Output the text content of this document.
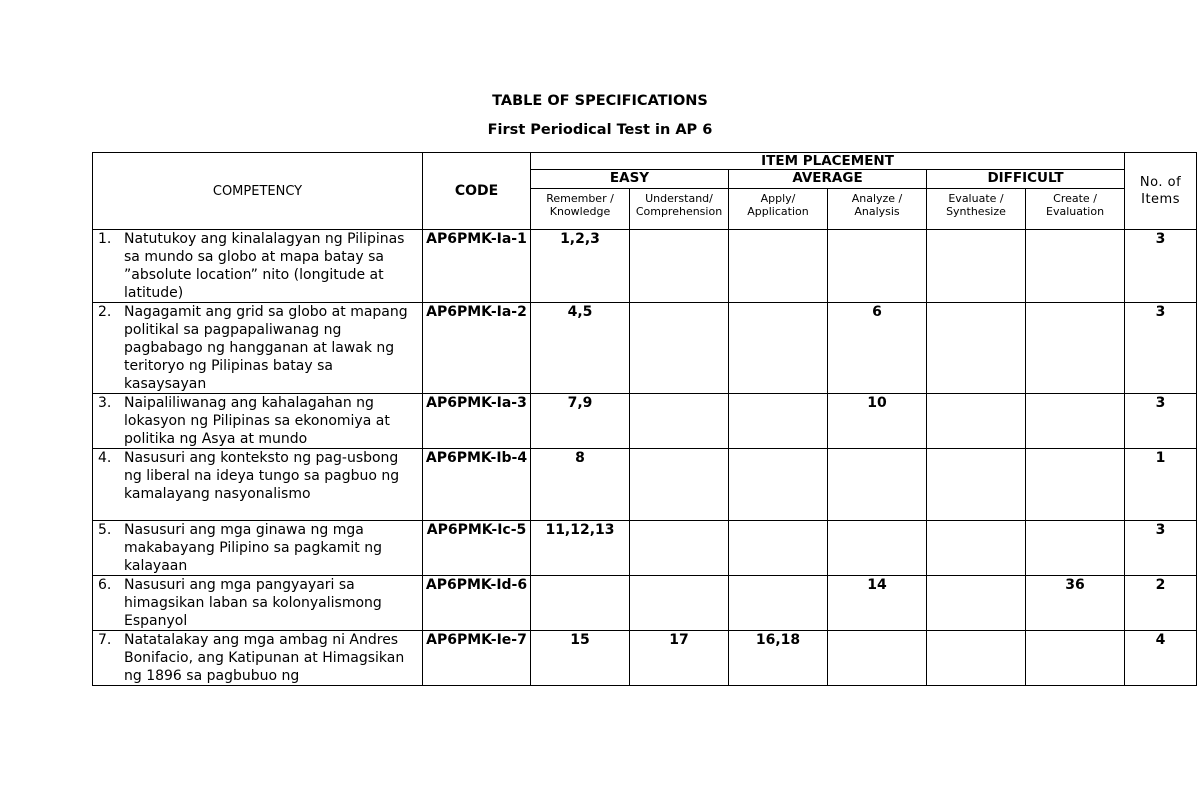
TABLE OF SPECIFICATIONS
First Periodical Test in AP 6
COMPETENCY	CODE	ITEM PLACEMENT						No. of Items
		EASY		AVERAGE		DIFFICULT		
		Remember / Knowledge	Understand/ Comprehension	Apply/ Application	Analyze / Analysis	Evaluate / Synthesize	Create / Evaluation	

1. Natutukoy ang kinalalagyan ng Pilipinas sa mundo sa globo at mapa batay sa ”absolute location” nito (longitude at latitude)	AP6PMK-Ia-1	1,2,3						3

2. Nagagamit ang grid sa globo at mapang politikal sa pagpapaliwanag ng pagbabago ng hangganan at lawak ng teritoryo ng Pilipinas batay sa kasaysayan	AP6PMK-Ia-2	4,5			6			3

3. Naipaliliwanag ang kahalagahan ng lokasyon ng Pilipinas sa ekonomiya at politika ng Asya at mundo	AP6PMK-Ia-3	7,9			10			3

4. Nasusuri ang konteksto ng pag-usbong ng liberal na ideya tungo sa pagbuo ng kamalayang nasyonalismo	AP6PMK-Ib-4	8						1

5. Nasusuri ang mga ginawa ng mga makabayang Pilipino sa pagkamit ng kalayaan	AP6PMK-Ic-5	11,12,13						3

6. Nasusuri ang mga pangyayari sa himagsikan laban sa kolonyalismong Espanyol	AP6PMK-Id-6				14		36	2

7. Natatalakay ang mga ambag ni Andres Bonifacio, ang Katipunan at Himagsikan ng 1896 sa pagbubuo ng	AP6PMK-Ie-7	15	17	16,18				4
